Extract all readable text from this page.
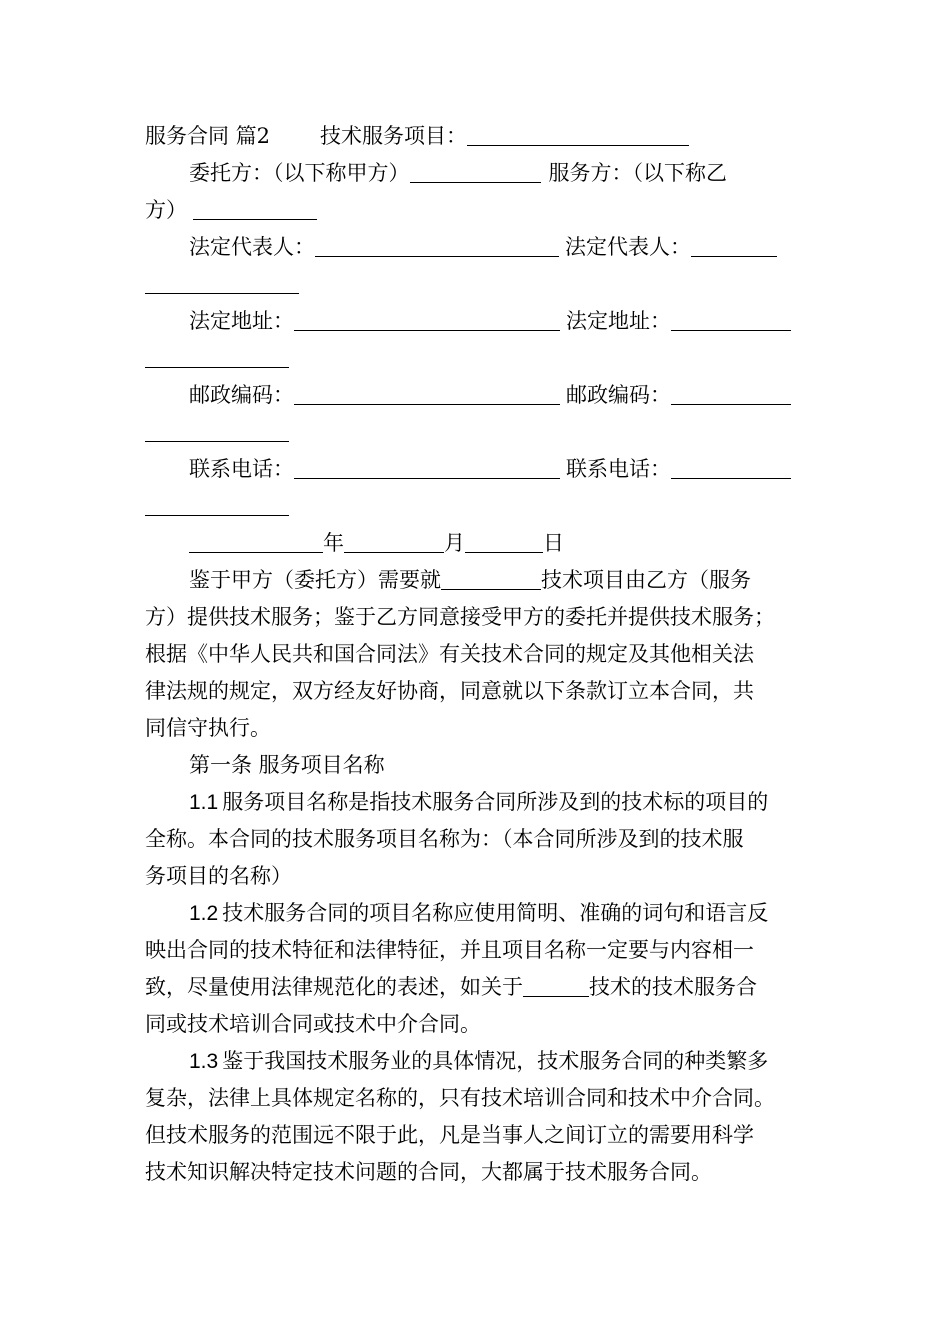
服务合同 篇2 技术服务项目：
委托方：（以下称甲方）	服务方：（以下称乙
方）
法定代表人：	法定代表人：
法定地址：	法定地址：
邮政编码：	邮政编码：
联系电话：	联系电话：
年	月	日
鉴于甲方（委托方）需要就	技术项目由乙方（服务
方）提供技术服务；鉴于乙方同意接受甲方的委托并提供技术服务；
根据《中华人民共和国合同法》有关技术合同的规定及其他相关法
律法规的规定，双方经友好协商，同意就以下条款订立本合同，共
同信守执行。
第一条 服务项目名称
1.1 服务项目名称是指技术服务合同所涉及到的技术标的项目的
全称。本合同的技术服务项目名称为：（本合同所涉及到的技术服
务项目的名称）
1.2 技术服务合同的项目名称应使用简明、准确的词句和语言反
映出合同的技术特征和法律特征，并且项目名称一定要与内容相一
致，尽量使用法律规范化的表述，如关于	技术的技术服务合
同或技术培训合同或技术中介合同。
1.3 鉴于我国技术服务业的具体情况，技术服务合同的种类繁多
复杂，法律上具体规定名称的，只有技术培训合同和技术中介合同。
但技术服务的范围远不限于此，凡是当事人之间订立的需要用科学
技术知识解决特定技术问题的合同，大都属于技术服务合同。
